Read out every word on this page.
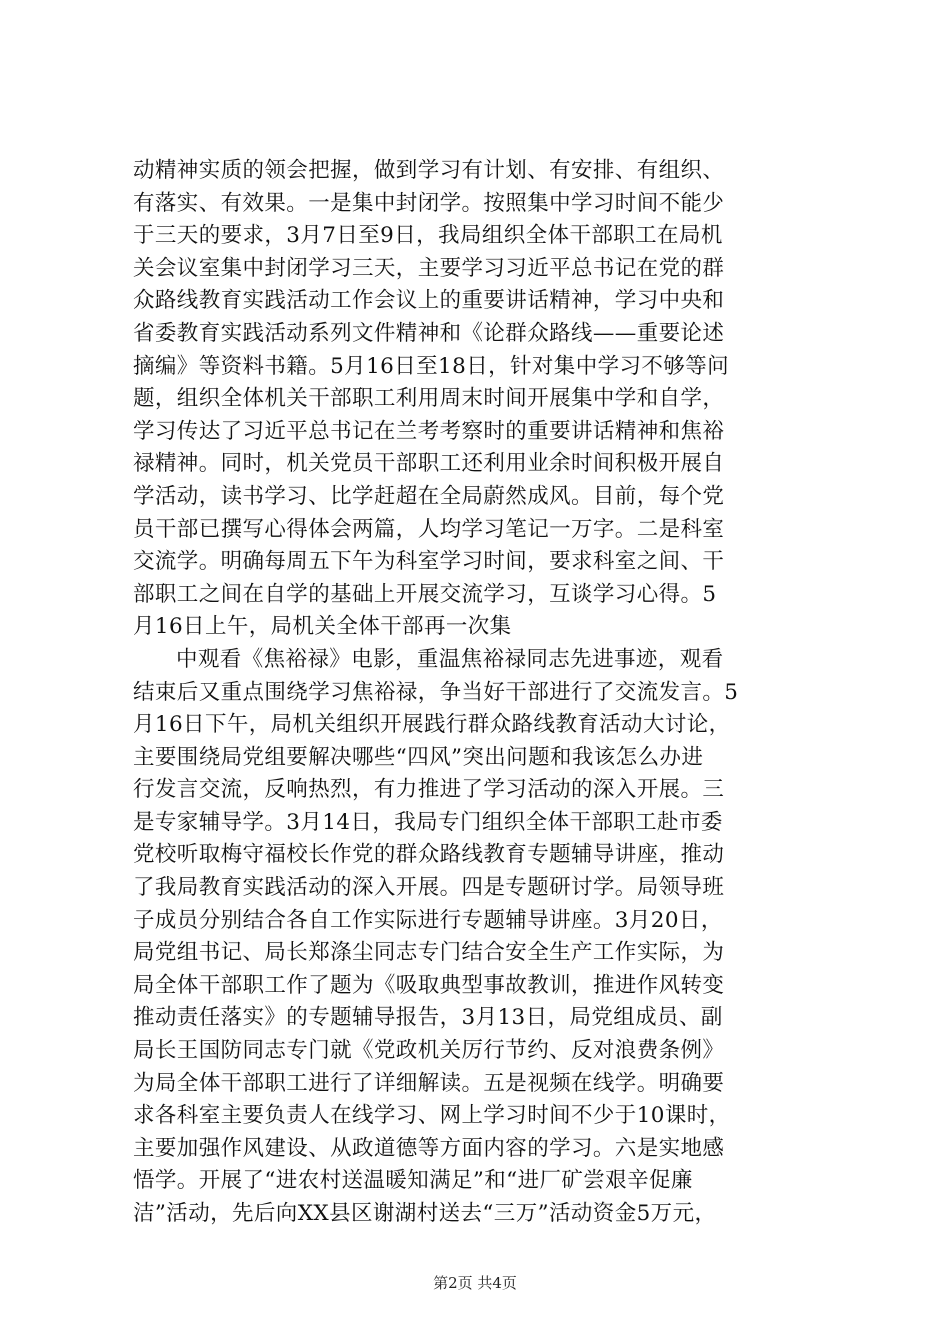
动精神实质的领会把握，做到学习有计划、有安排、有组织、
有落实、有效果。一是集中封闭学。按照集中学习时间不能少
于三天的要求，3月7日至9日，我局组织全体干部职工在局机
关会议室集中封闭学习三天，主要学习习近平总书记在党的群
众路线教育实践活动工作会议上的重要讲话精神，学习中央和
省委教育实践活动系列文件精神和《论群众路线——重要论述
摘编》等资料书籍。5月16日至18日，针对集中学习不够等问
题，组织全体机关干部职工利用周末时间开展集中学和自学，
学习传达了习近平总书记在兰考考察时的重要讲话精神和焦裕
禄精神。同时，机关党员干部职工还利用业余时间积极开展自
学活动，读书学习、比学赶超在全局蔚然成风。目前，每个党
员干部已撰写心得体会两篇，人均学习笔记一万字。二是科室
交流学。明确每周五下午为科室学习时间，要求科室之间、干
部职工之间在自学的基础上开展交流学习，互谈学习心得。5
月16日上午，局机关全体干部再一次集
中观看《焦裕禄》电影，重温焦裕禄同志先进事迹，观看
结束后又重点围绕学习焦裕禄，争当好干部进行了交流发言。5
月16日下午，局机关组织开展践行群众路线教育活动大讨论，
主要围绕局党组要解决哪些“四风”突出问题和我该怎么办进
行发言交流，反响热烈，有力推进了学习活动的深入开展。三
是专家辅导学。3月14日，我局专门组织全体干部职工赴市委
党校听取梅守福校长作党的群众路线教育专题辅导讲座，推动
了我局教育实践活动的深入开展。四是专题研讨学。局领导班
子成员分别结合各自工作实际进行专题辅导讲座。3月20日，
局党组书记、局长郑涤尘同志专门结合安全生产工作实际，为
局全体干部职工作了题为《吸取典型事故教训，推进作风转变
推动责任落实》的专题辅导报告，3月13日，局党组成员、副
局长王国防同志专门就《党政机关厉行节约、反对浪费条例》
为局全体干部职工进行了详细解读。五是视频在线学。明确要
求各科室主要负责人在线学习、网上学习时间不少于10课时，
主要加强作风建设、从政道德等方面内容的学习。六是实地感
悟学。开展了“进农村送温暖知满足”和“进厂矿尝艰辛促廉
洁”活动，先后向XX县区谢湖村送去“三万”活动资金5万元，
第2页 共4页
